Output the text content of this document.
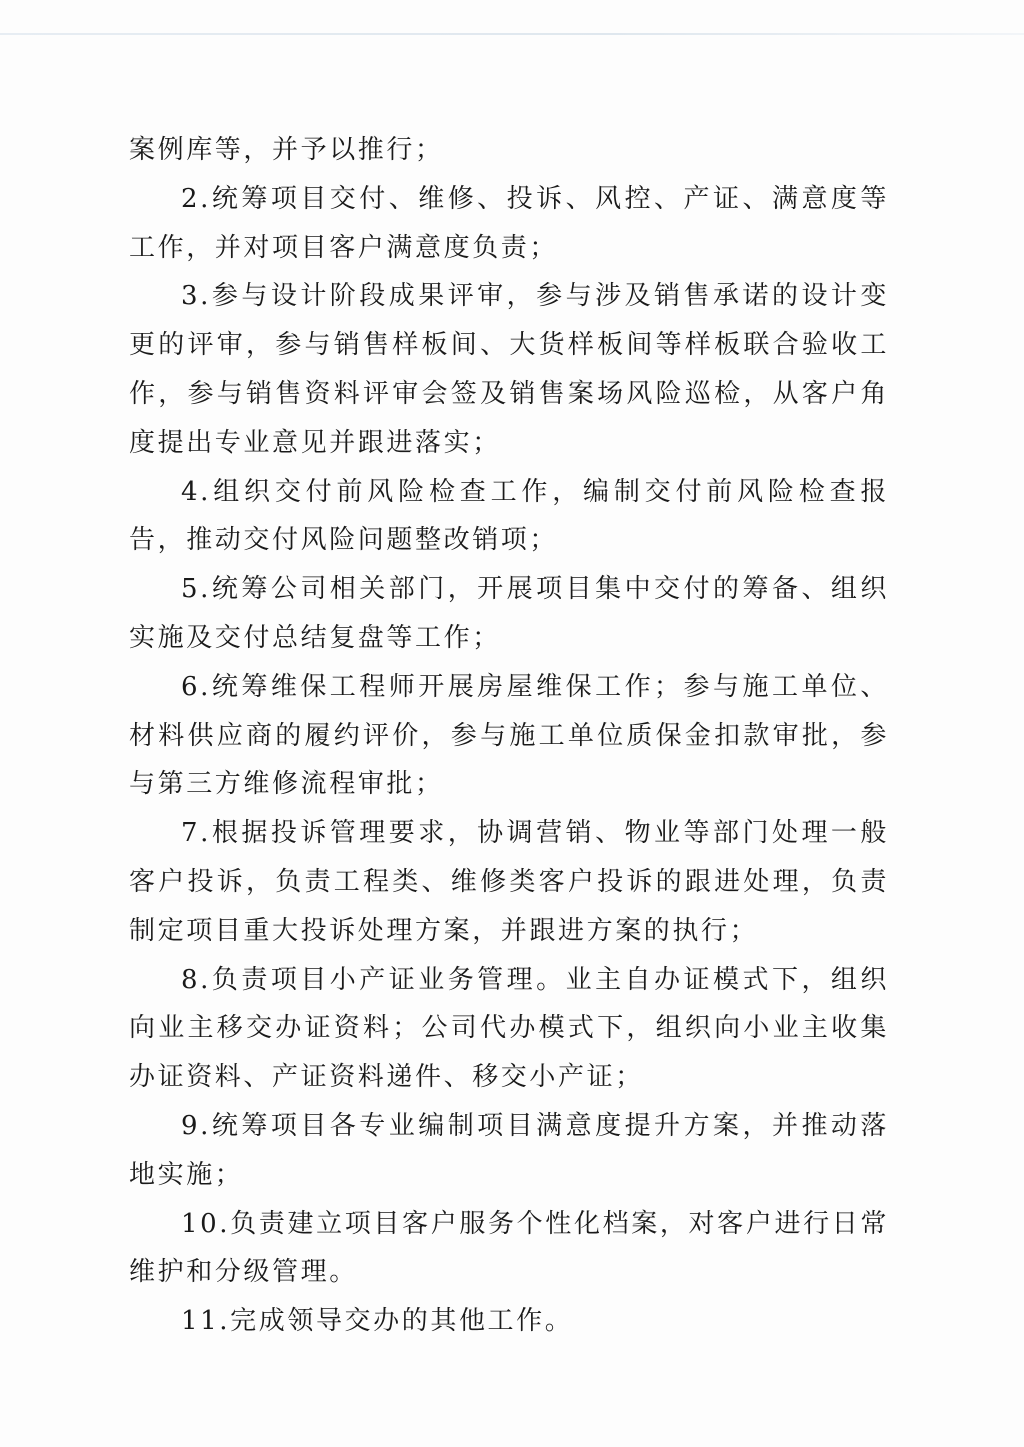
案例库等，并予以推行；

2.统筹项目交付、维修、投诉、风控、产证、满意度等工作，并对项目客户满意度负责；

3.参与设计阶段成果评审，参与涉及销售承诺的设计变更的评审，参与销售样板间、大货样板间等样板联合验收工作，参与销售资料评审会签及销售案场风险巡检，从客户角度提出专业意见并跟进落实；

4.组织交付前风险检查工作，编制交付前风险检查报告，推动交付风险问题整改销项；

5.统筹公司相关部门，开展项目集中交付的筹备、组织实施及交付总结复盘等工作；

6.统筹维保工程师开展房屋维保工作；参与施工单位、材料供应商的履约评价，参与施工单位质保金扣款审批，参与第三方维修流程审批；

7.根据投诉管理要求，协调营销、物业等部门处理一般客户投诉，负责工程类、维修类客户投诉的跟进处理，负责制定项目重大投诉处理方案，并跟进方案的执行；

8.负责项目小产证业务管理。业主自办证模式下，组织向业主移交办证资料；公司代办模式下，组织向小业主收集办证资料、产证资料递件、移交小产证；

9.统筹项目各专业编制项目满意度提升方案，并推动落地实施；

10.负责建立项目客户服务个性化档案，对客户进行日常维护和分级管理。

11.完成领导交办的其他工作。
